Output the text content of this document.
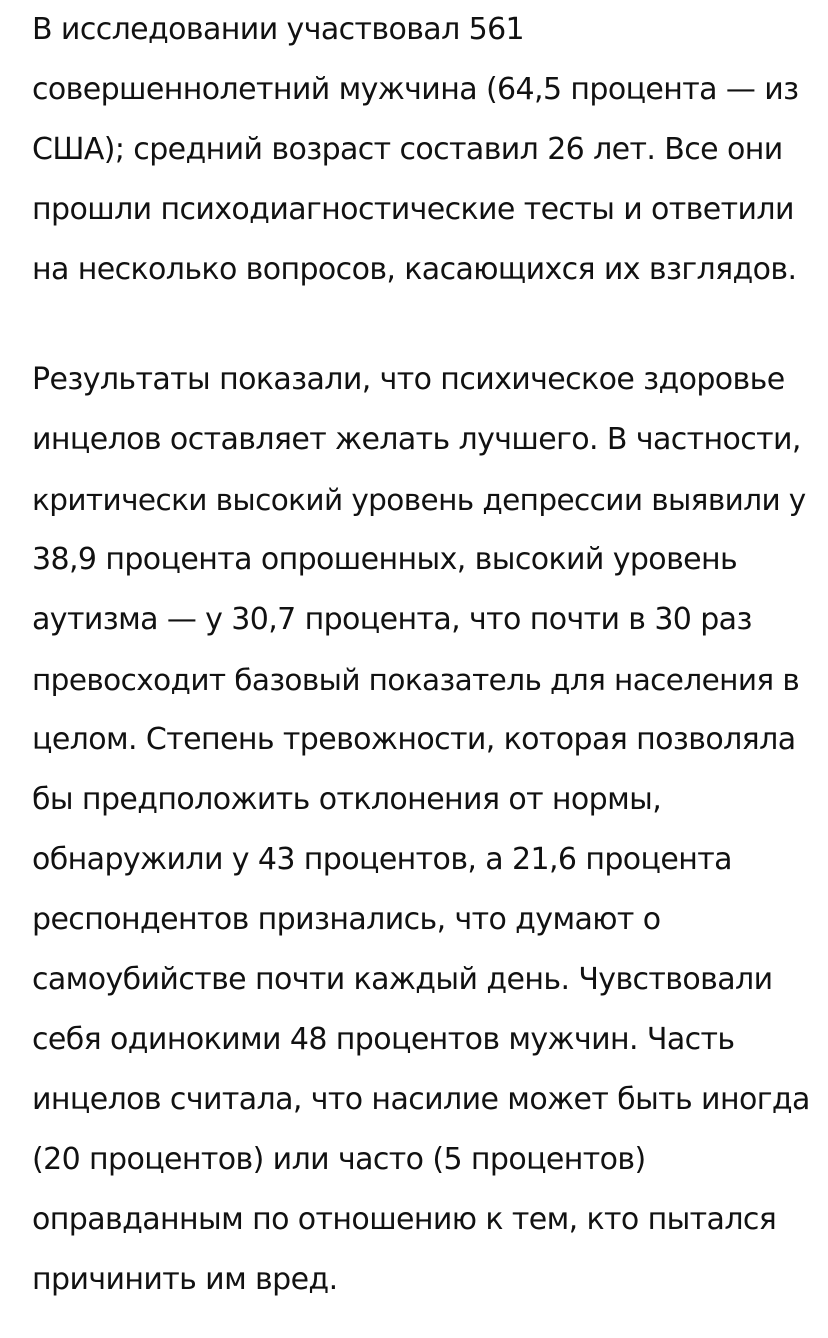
В исследовании участвовал 561
совершеннолетний мужчина (64,5 процента — из
США); средний возраст составил 26 лет. Все они
прошли психодиагностические тесты и ответили
на несколько вопросов, касающихся их взглядов.

Результаты показали, что психическое здоровье
инцелов оставляет желать лучшего. В частности,
критически высокий уровень депрессии выявили у
38,9 процента опрошенных, высокий уровень
аутизма — у 30,7 процента, что почти в 30 раз
превосходит базовый показатель для населения в
целом. Степень тревожности, которая позволяла
бы предположить отклонения от нормы,
обнаружили у 43 процентов, а 21,6 процента
респондентов признались, что думают о
самоубийстве почти каждый день. Чувствовали
себя одинокими 48 процентов мужчин. Часть
инцелов считала, что насилие может быть иногда
(20 процентов) или часто (5 процентов)
оправданным по отношению к тем, кто пытался
причинить им вред.
